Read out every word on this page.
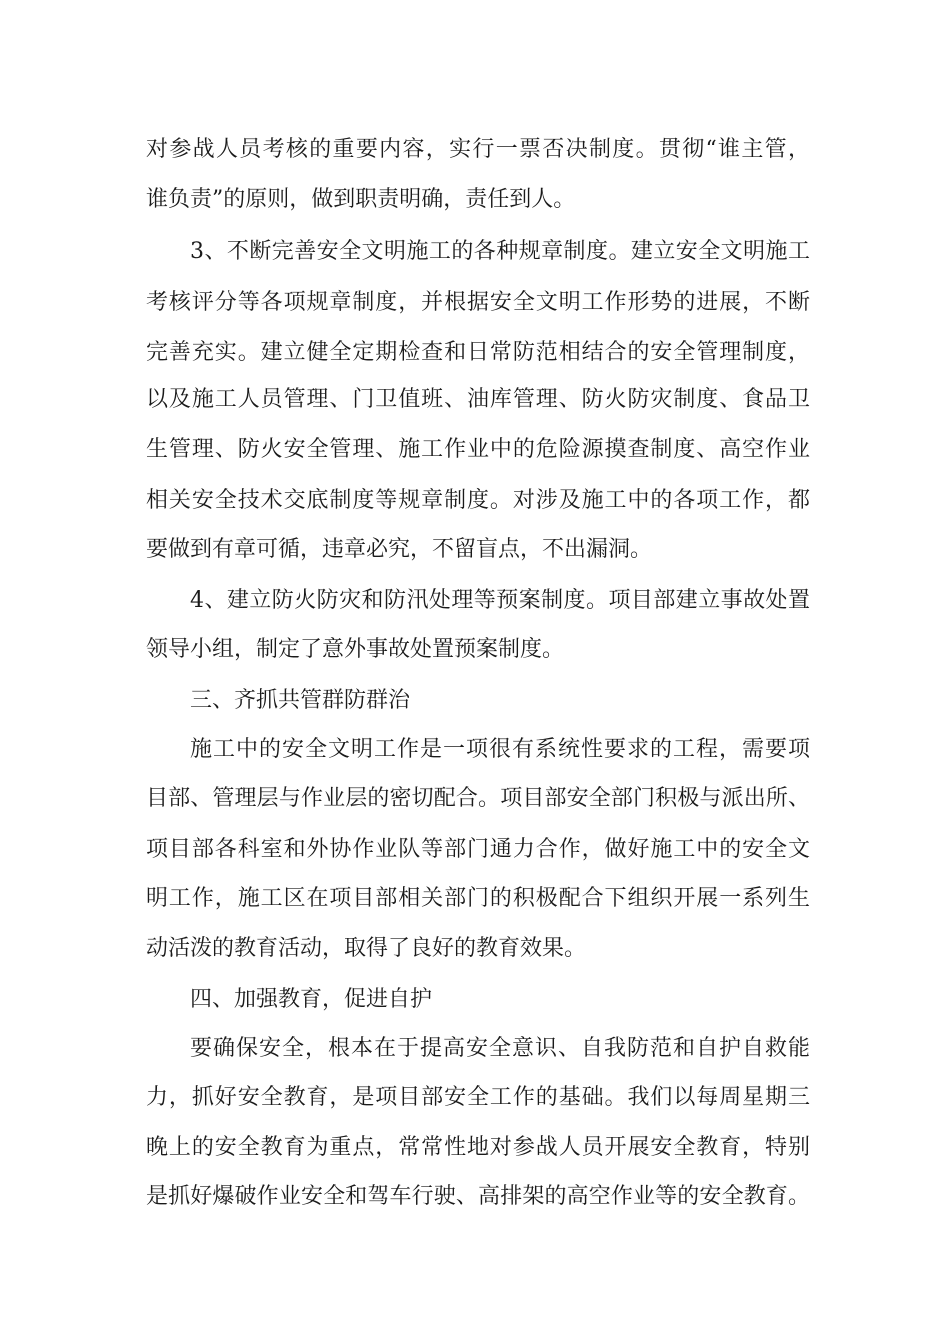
对参战人员考核的重要内容，实行一票否决制度。贯彻“谁主管，
谁负责”的原则，做到职责明确，责任到人。
3、不断完善安全文明施工的各种规章制度。建立安全文明施工
考核评分等各项规章制度，并根据安全文明工作形势的进展，不断
完善充实。建立健全定期检查和日常防范相结合的安全管理制度，
以及施工人员管理、门卫值班、油库管理、防火防灾制度、食品卫
生管理、防火安全管理、施工作业中的危险源摸查制度、高空作业
相关安全技术交底制度等规章制度。对涉及施工中的各项工作，都
要做到有章可循，违章必究，不留盲点，不出漏洞。
4、建立防火防灾和防汛处理等预案制度。项目部建立事故处置
领导小组，制定了意外事故处置预案制度。
三、齐抓共管群防群治
施工中的安全文明工作是一项很有系统性要求的工程，需要项
目部、管理层与作业层的密切配合。项目部安全部门积极与派出所、
项目部各科室和外协作业队等部门通力合作，做好施工中的安全文
明工作，施工区在项目部相关部门的积极配合下组织开展一系列生
动活泼的教育活动，取得了良好的教育效果。
四、加强教育，促进自护
要确保安全，根本在于提高安全意识、自我防范和自护自救能
力，抓好安全教育，是项目部安全工作的基础。我们以每周星期三
晚上的安全教育为重点，常常性地对参战人员开展安全教育，特别
是抓好爆破作业安全和驾车行驶、高排架的高空作业等的安全教育。
